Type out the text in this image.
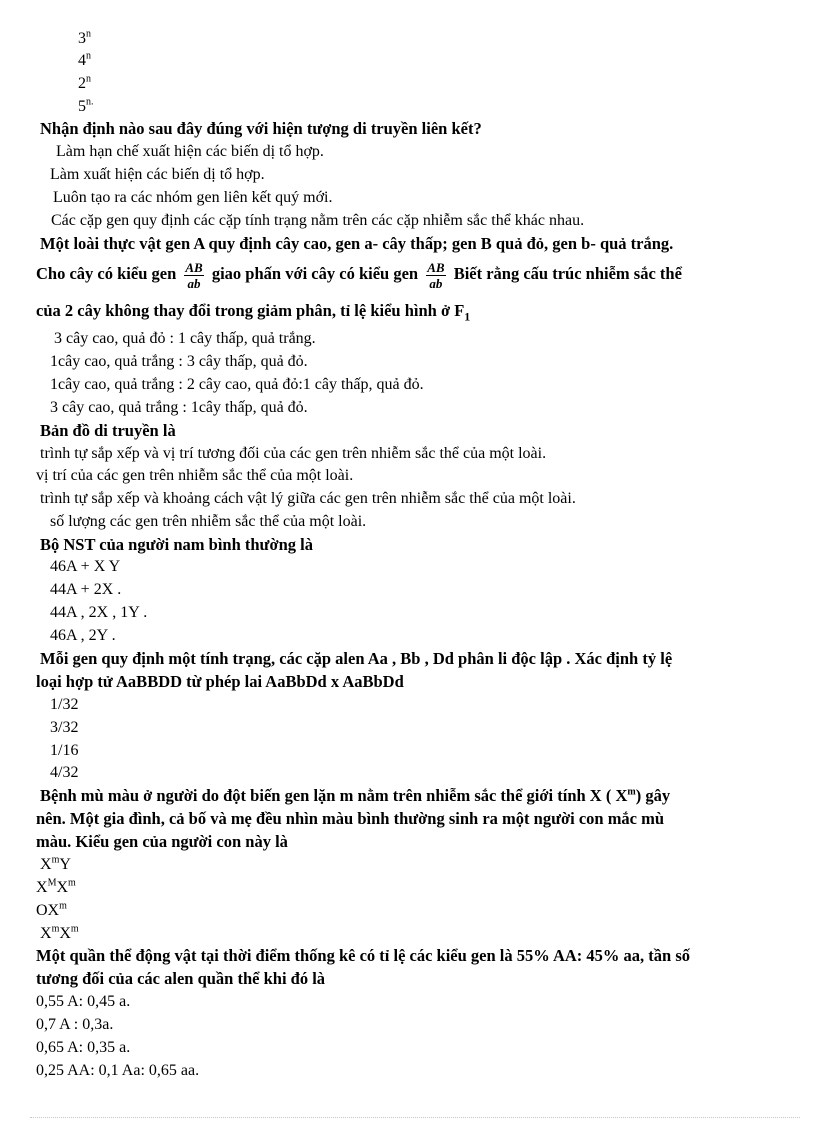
3$^n$
4$^n$
2$^n$
$5^{n.}$
Nhận định nào sau đây đúng với hiện tượng di truyền liên kết?
Làm hạn chế xuất hiện các biến dị tổ hợp.
Làm xuất hiện các biến dị tổ hợp.
Luôn tạo ra các nhóm gen liên kết quý mới.
Các cặp gen quy định các cặp tính trạng nằm trên các cặp nhiễm sắc thể khác nhau.
Một loài thực vật gen A quy định cây cao, gen a- cây thấp; gen B quả đỏ, gen b- quả trắng.
Cho cây có kiểu gen $\frac{AB}{ab}$ giao phấn với cây có kiểu gen $\frac{AB}{ab}$ Biết rằng cấu trúc nhiễm sắc thể
của 2 cây không thay đổi trong giảm phân, tỉ lệ kiểu hình ở $F_1$
3 cây cao, quả đỏ : 1 cây thấp, quả trắng.
1cây cao, quả trắng : 3 cây thấp, quả đỏ.
1cây cao, quả trắng : 2 cây cao, quả đỏ:1 cây thấp, quả đỏ.
3 cây cao, quả trắng : 1cây thấp, quả đỏ.
Bản đồ di truyền là
trình tự sắp xếp và vị trí tương đối của các gen trên nhiễm sắc thể của một loài.
vị trí của các gen trên nhiễm sắc thể của một loài.
trình tự sắp xếp và khoảng cách vật lý giữa các gen trên nhiễm sắc thể của một loài.
số lượng các gen trên nhiễm sắc thể của một loài.
Bộ NST của người nam bình thường là
46A + X Y
44A + 2X .
44A , 2X , 1Y .
46A , 2Y .
Mỗi gen quy định một tính trạng, các cặp alen Aa , Bb , Dd phân li độc lập . Xác định tỷ lệ
loại hợp tử AaBBDD từ phép lai AaBbDd x AaBbDd
1/32
3/32
1/16
4/32
Bệnh mù màu ở người do đột biến gen lặn m nằm trên nhiễm sắc thể giới tính X ( $X^m$) gây
nên. Một gia đình, cả bố và mẹ đều nhìn màu bình thường sinh ra một người con mắc mù
màu. Kiểu gen của người con này là
$X^mY$
$X^MX^m$
$OX^m$
$X^mX^m$
Một quần thể động vật tại thời điểm thống kê có tỉ lệ các kiểu gen là 55% AA: 45% aa, tần số
tương đối của các alen quần thể khi đó là
0,55 A: 0,45 a.
0,7 A : 0,3a.
0,65 A: 0,35 a.
0,25 AA: 0,1 Aa: 0,65 aa.
